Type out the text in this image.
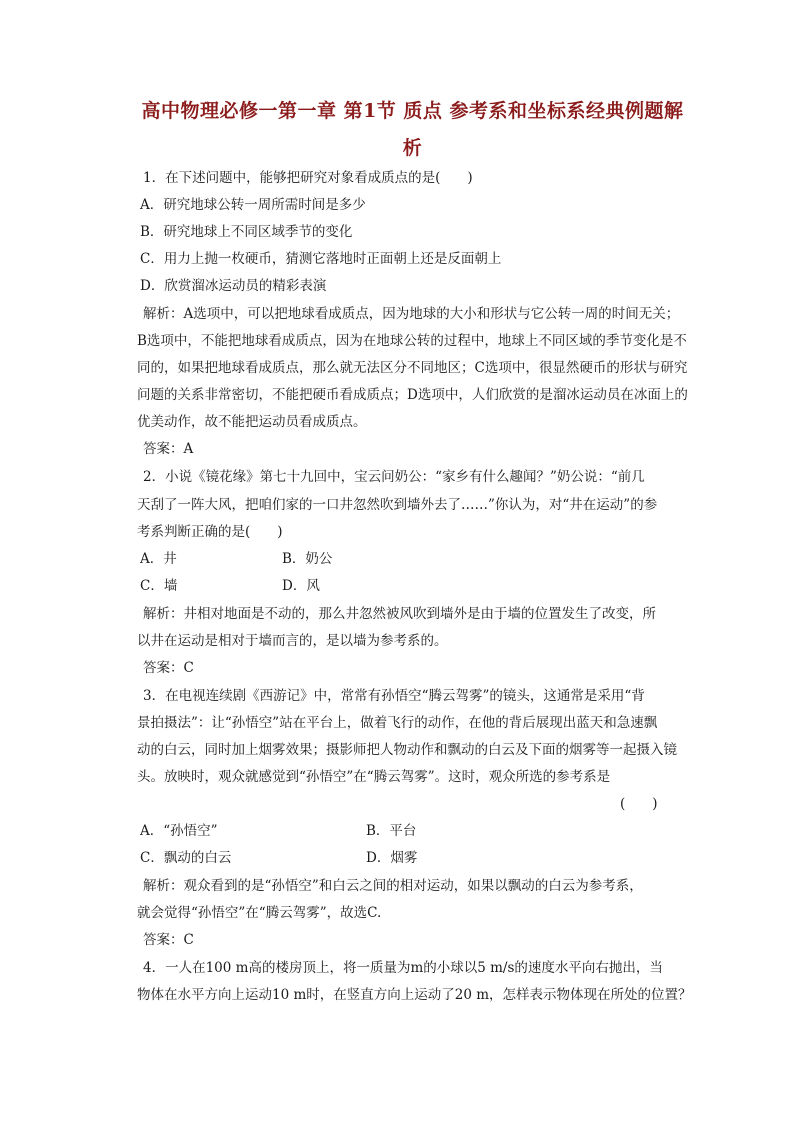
高中物理必修一第一章 第1节 质点 参考系和坐标系经典例题解
析
1．在下述问题中，能够把研究对象看成质点的是(　　)
A．研究地球公转一周所需时间是多少
B．研究地球上不同区域季节的变化
C．用力上抛一枚硬币，猜测它落地时正面朝上还是反面朝上
D．欣赏溜冰运动员的精彩表演
解析：A选项中，可以把地球看成质点，因为地球的大小和形状与它公转一周的时间无关；
B选项中，不能把地球看成质点，因为在地球公转的过程中，地球上不同区域的季节变化是不
同的，如果把地球看成质点，那么就无法区分不同地区；C选项中，很显然硬币的形状与研究
问题的关系非常密切，不能把硬币看成质点；D选项中，人们欣赏的是溜冰运动员在冰面上的
优美动作，故不能把运动员看成质点。
答案：A
2．小说《镜花缘》第七十九回中，宝云问奶公：“家乡有什么趣闻？”奶公说：“前几
天刮了一阵大风，把咱们家的一口井忽然吹到墙外去了……”你认为，对“井在运动”的参
考系判断正确的是(　　)
A．井	B．奶公
C．墙	D．风
解析：井相对地面是不动的，那么井忽然被风吹到墙外是由于墙的位置发生了改变，所
以井在运动是相对于墙而言的，是以墙为参考系的。
答案：C
3．在电视连续剧《西游记》中，常常有孙悟空“腾云驾雾”的镜头，这通常是采用“背
景拍摄法”：让“孙悟空”站在平台上，做着飞行的动作，在他的背后展现出蓝天和急速飘
动的白云，同时加上烟雾效果；摄影师把人物动作和飘动的白云及下面的烟雾等一起摄入镜
头。放映时，观众就感觉到“孙悟空”在“腾云驾雾”。这时，观众所选的参考系是
(　　)
A．“孙悟空”	B．平台
C．飘动的白云	D．烟雾
解析：观众看到的是“孙悟空”和白云之间的相对运动，如果以飘动的白云为参考系，
就会觉得“孙悟空”在“腾云驾雾”，故选C.
答案：C
4．一人在100 m高的楼房顶上，将一质量为m的小球以5 m/s的速度水平向右抛出，当
物体在水平方向上运动10 m时，在竖直方向上运动了20 m，怎样表示物体现在所处的位置？
